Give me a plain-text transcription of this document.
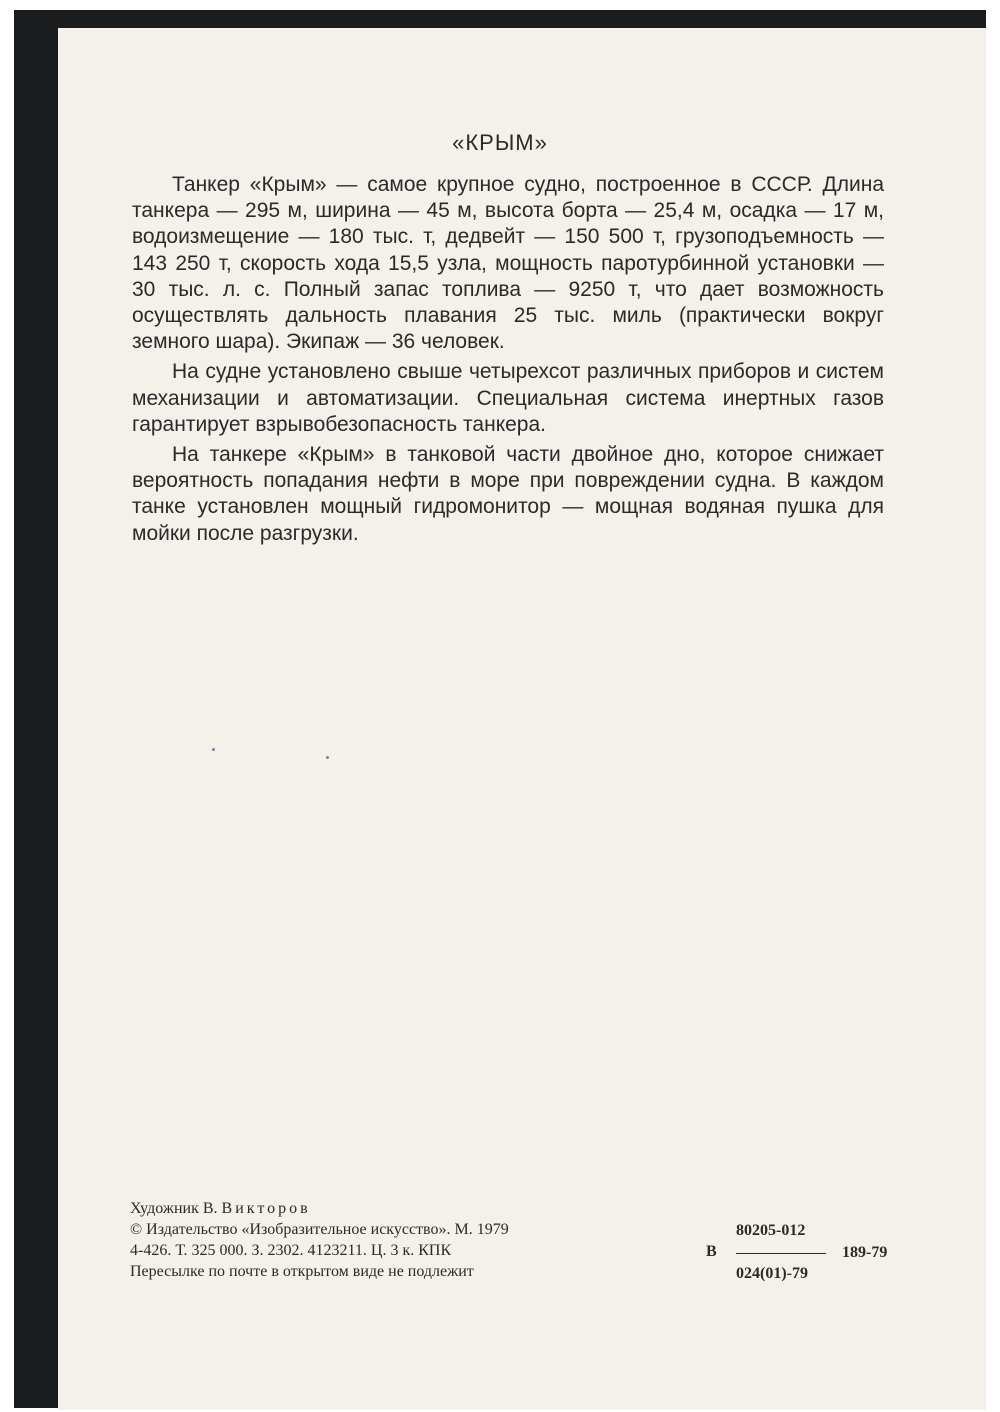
«КРЫМ»

Танкер «Крым» — самое крупное судно, построенное в СССР. Длина танкера — 295 м, ширина — 45 м, высота борта — 25,4 м, осадка — 17 м, водоизмещение — 180 тыс. т, дедвейт — 150 500 т, грузоподъемность — 143 250 т, скорость хода 15,5 узла, мощность паротурбинной установки — 30 тыс. л. с. Полный запас топлива — 9250 т, что дает возможность осуществлять дальность плавания 25 тыс. миль (практически вокруг земного шара). Экипаж — 36 человек.

На судне установлено свыше четырехсот различных приборов и систем механизации и автоматизации. Специальная система инертных газов гарантирует взрывобезопасность танкера.

На танкере «Крым» в танковой части двойное дно, которое снижает вероятность попадания нефти в море при повреждении судна. В каждом танке установлен мощный гидромонитор — мощная водяная пушка для мойки после разгрузки.

Художник В. Викторов
© Издательство «Изобразительное искусство». М. 1979
4-426. Т. 325 000. З. 2302. 4123211. Ц. 3 к. КПК
Пересылке по почте в открытом виде не подлежит
В
80205-012
024(01)-79
189-79
